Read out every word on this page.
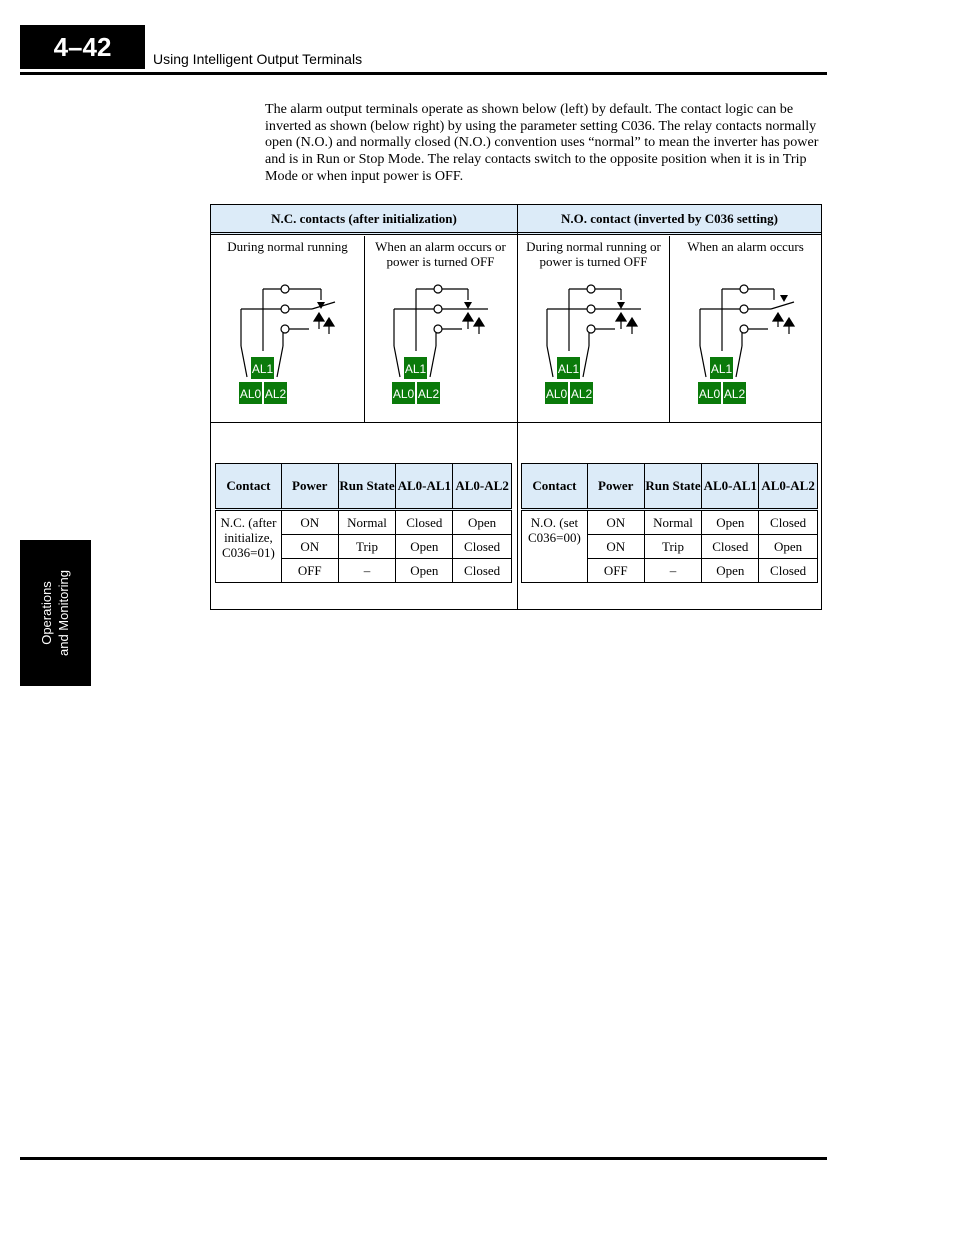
4–42	Using Intelligent Output Terminals
Operations and Monitoring
The alarm output terminals operate as shown below (left) by default. The contact logic can be inverted as shown (below right) by using the parameter setting C036. The relay contacts normally open (N.O.) and normally closed (N.O.) convention uses “normal” to mean the inverter has power and is in Run or Stop Mode. The relay contacts switch to the opposite position when it is in Trip Mode or when input power is OFF.
N.C. contacts (after initialization)	N.O. contact (inverted by C036 setting)
During normal running	When an alarm occurs or power is turned OFF
During normal running or power is turned OFF
When an alarm occurs
AL1
AL0 AL2
AL1
AL0 AL2
AL1
AL0 AL2
AL1
AL0 AL2
Contact	Power	Run State	AL0-AL1	AL0-AL2
N.C. (after initialize, C036=01)	ON	Normal	Closed	Open
	ON	Trip	Open	Closed
	OFF	–	Open	Closed
Contact	Power	Run State	AL0-AL1	AL0-AL2
N.O. (set C036=00)	ON	Normal	Open	Closed
	ON	Trip	Closed	Open
	OFF	–	Open	Closed
